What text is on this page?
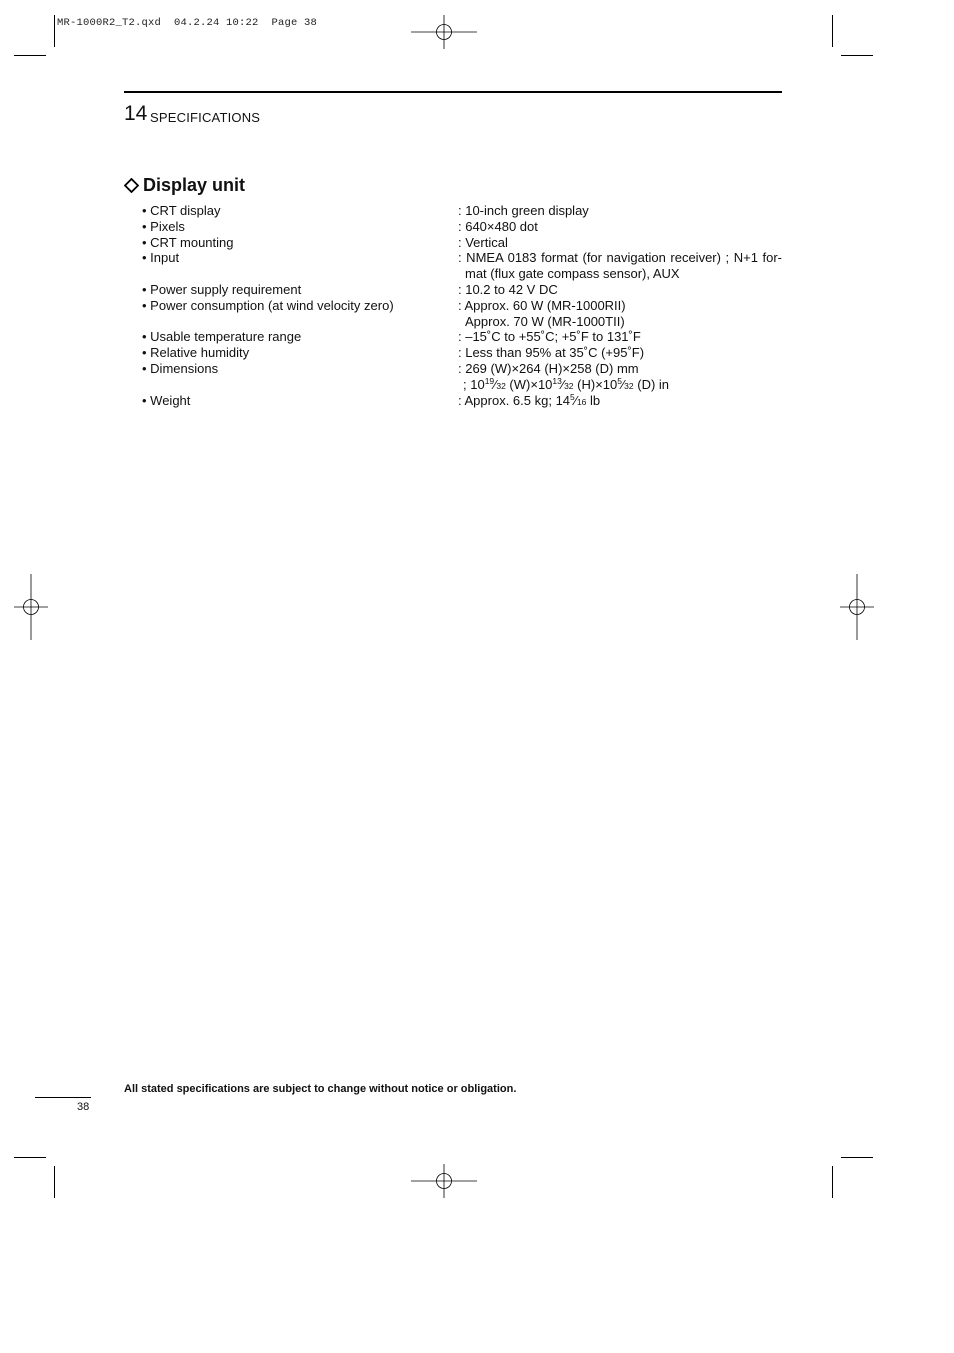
MR-1000R2_T2.qxd  04.2.24 10:22  Page 38
14 SPECIFICATIONS
Display unit
• CRT display	: 10-inch green display
• Pixels	: 640×480 dot
• CRT mounting	: Vertical
• Input	: NMEA 0183 format (for navigation receiver) ; N+1 for-
mat (flux gate compass sensor), AUX
• Power supply requirement	: 10.2 to 42 V DC
• Power consumption (at wind velocity zero)	: Approx. 60 W (MR-1000RII)
Approx. 70 W (MR-1000TII)
• Usable temperature range	: –15˚C to +55˚C; +5˚F to 131˚F
• Relative humidity	: Less than 95% at 35˚C (+95˚F)
• Dimensions	: 269 (W)×264 (H)×258 (D) mm
; $10^{19}⁄32$ $(W)\times 10^{13}⁄32$ $(H)\times 10^5⁄32$ (D) in
• Weight	: Approx. 6.5 kg; $14^5⁄16$ lb
All stated specifications are subject to change without notice or obligation.
38
